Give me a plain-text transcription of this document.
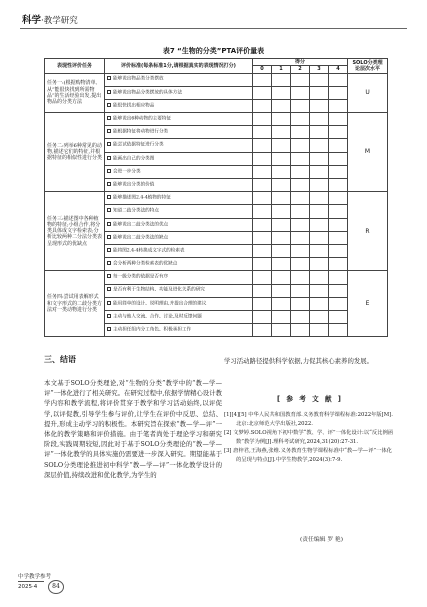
科学·教学研究
表7 “生物的分类”PTA评价量表
表现性评价任务	评价标准(每条标准1分,请根据真实的表现情况打分)	得分					SOLO分类理论层次水平
		0	1	2	3	4	
任务一:(根据购物清单,从“能很快找到所需物品”的生活经验出发,提出物品的分类方法	能够说出物品类分类摆放						U
	能够说出物品分类摆放的具体方法						
	能很快找出相应物品						
任务二:列举6种常见的动物,描述它们的特征,并根据特征的相似性进行分类	能够说出6种动物的主要特征						M
	能根据特征将动物进行分类						
	能尝试依据特征进行分类						
	能画出自己的分类图						
	会进一步分类						
	能够说出分类的价值						
任务三:描述图中各种植物的特征;小组合作,将分类具体成文字检索表;分析比较两种二分法分类表呈现形式的优缺点	能够描述图2.4-4植物的特征						R
	知道二歧分类法的特点						
	能够说出二歧分类法的优点						
	能够说出二歧分类法的缺点						
	能将图2.4-4转换成文字式的检索表						
	会分析两种分类检索表的优缺点						
任务四:尝试用表解形式和文字形式的二歧分类方法对一类动物进行分类	每一级分类的依据是否有序						E
	是否有利于生物结构、功能及进化关系的研究						
	能用简单的设计、说明理由,并提出合理的建议						
	主动与他人交流、合作、讨论,及时反馈问题						
	主动担任组内分工角色、积极承担工作						
三、结语
本文基于SOLO分类理论,对“生物的分类”教学中的“教—学—评”一体化进行了相关研究。在研究过程中,依据学情精心设计教学内容和教学流程,将评价贯穿于教学和学习活动始终,以评促学,以评促教,引导学生参与评价,让学生在评价中反思、总结、提升,形成主动学习的积极性。本研究旨在探索“教—学—评”一体化的教学策略和评价措施。由于笔者尚处于理论学习和研究阶段,实践周期较短,因此对于基于SOLO分类理论的“教—学—评”一体化教学的具体实施仍需要进一步深入研究。期望能基于SOLO分类理论推进初中科学“教—学—评”一体化教学设计的深层价值,持续改进和优化教学,为学生的
学习活动路径提供科学依据,力促其核心素养的发展。
[ 参 考 文 献 ]
[1][4][5] 中华人民共和国教育部.义务教育科学课程标准:2022年版[M].北京:北京师范大学出版社,2022.
[2] 文梦婷.SOLO视角下初中数学“教、学、评”一体化设计:以“反比例函数”教学为例[J].理科考试研究,2024,31(20):27-31.
[3] 唐梓君,王海燕,张维.义务教育生物学课程标准中“教—学—评”一体化的呈现与特点[J].中学生物教学,2024(3):7-9.
(责任编辑 罗 艳)
中学教学参考
84
2025·4
